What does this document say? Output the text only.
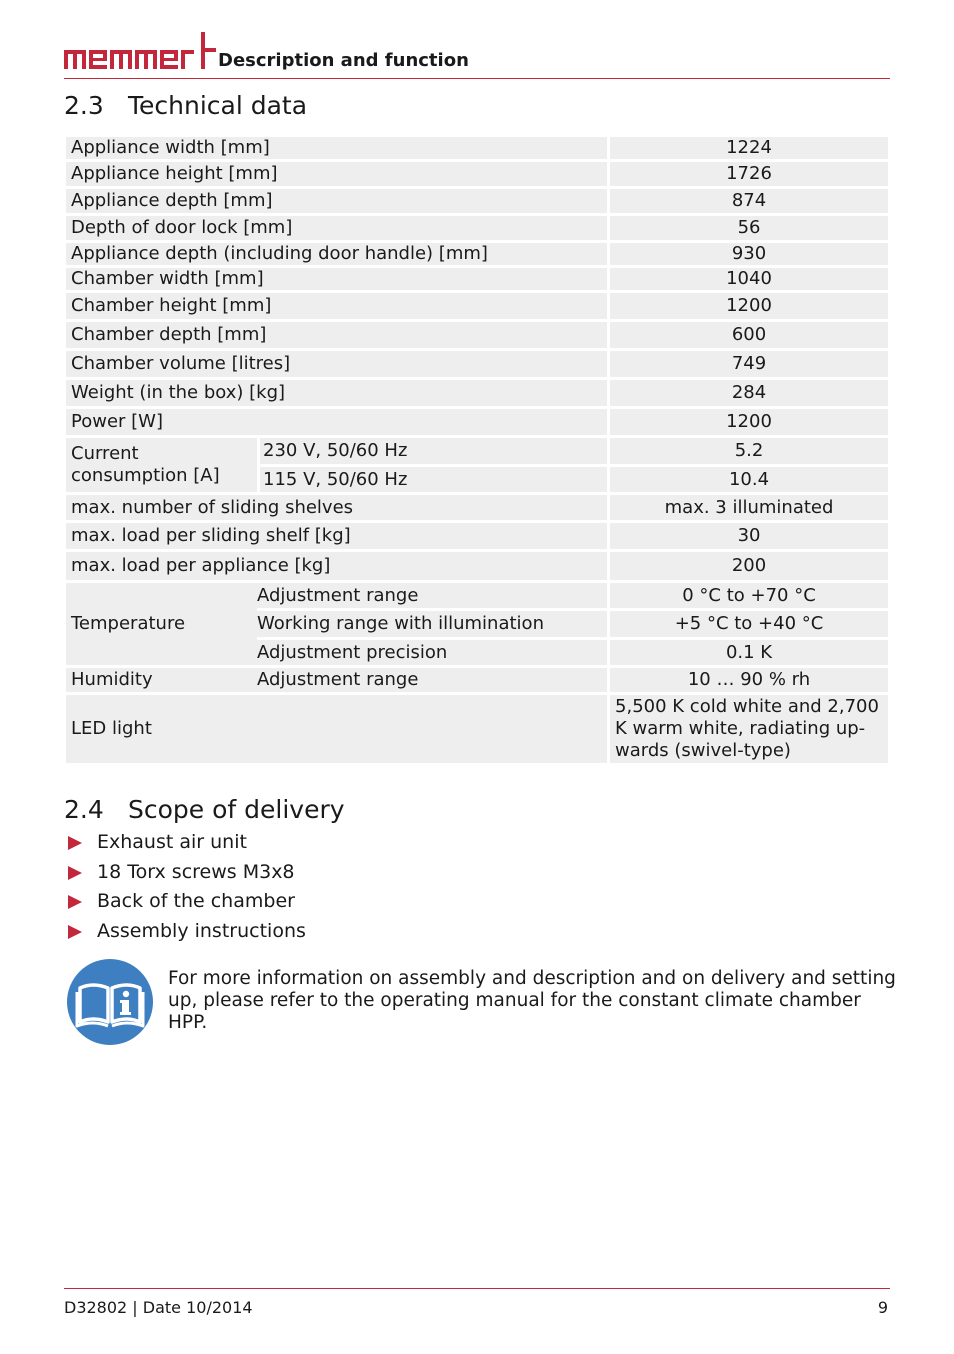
Description and function
2.3 Technical data
Appliance width [mm]		1224
Appliance height [mm]		1726
Appliance depth [mm]		874
Depth of door lock [mm]		56
Appliance depth (including door handle) [mm]		930
Chamber width [mm]		1040
Chamber height [mm]		1200
Chamber depth [mm]		600
Chamber volume [litres]		749
Weight (in the box) [kg]		284
Power [W]		1200
Current consumption [A]	230 V, 50/60 Hz	5.2
	115 V, 50/60 Hz	10.4
max. number of sliding shelves		max. 3 illuminated
max. load per sliding shelf [kg]		30
max. load per appliance [kg]		200
Temperature	Adjustment range	0 °C to +70 °C
	Working range with illumination	+5 °C to +40 °C
	Adjustment precision	0.1 K
Humidity	Adjustment range	10 … 90 % rh
LED light		5,500 K cold white and 2,700 K warm white, radiating up-wards (swivel-type)
2.4 Scope of delivery
Exhaust air unit
18 Torx screws M3x8
Back of the chamber
Assembly instructions
For more information on assembly and description and on delivery and setting up, please refer to the operating manual for the constant climate chamber HPP.
D32802 | Date 10/2014	9
